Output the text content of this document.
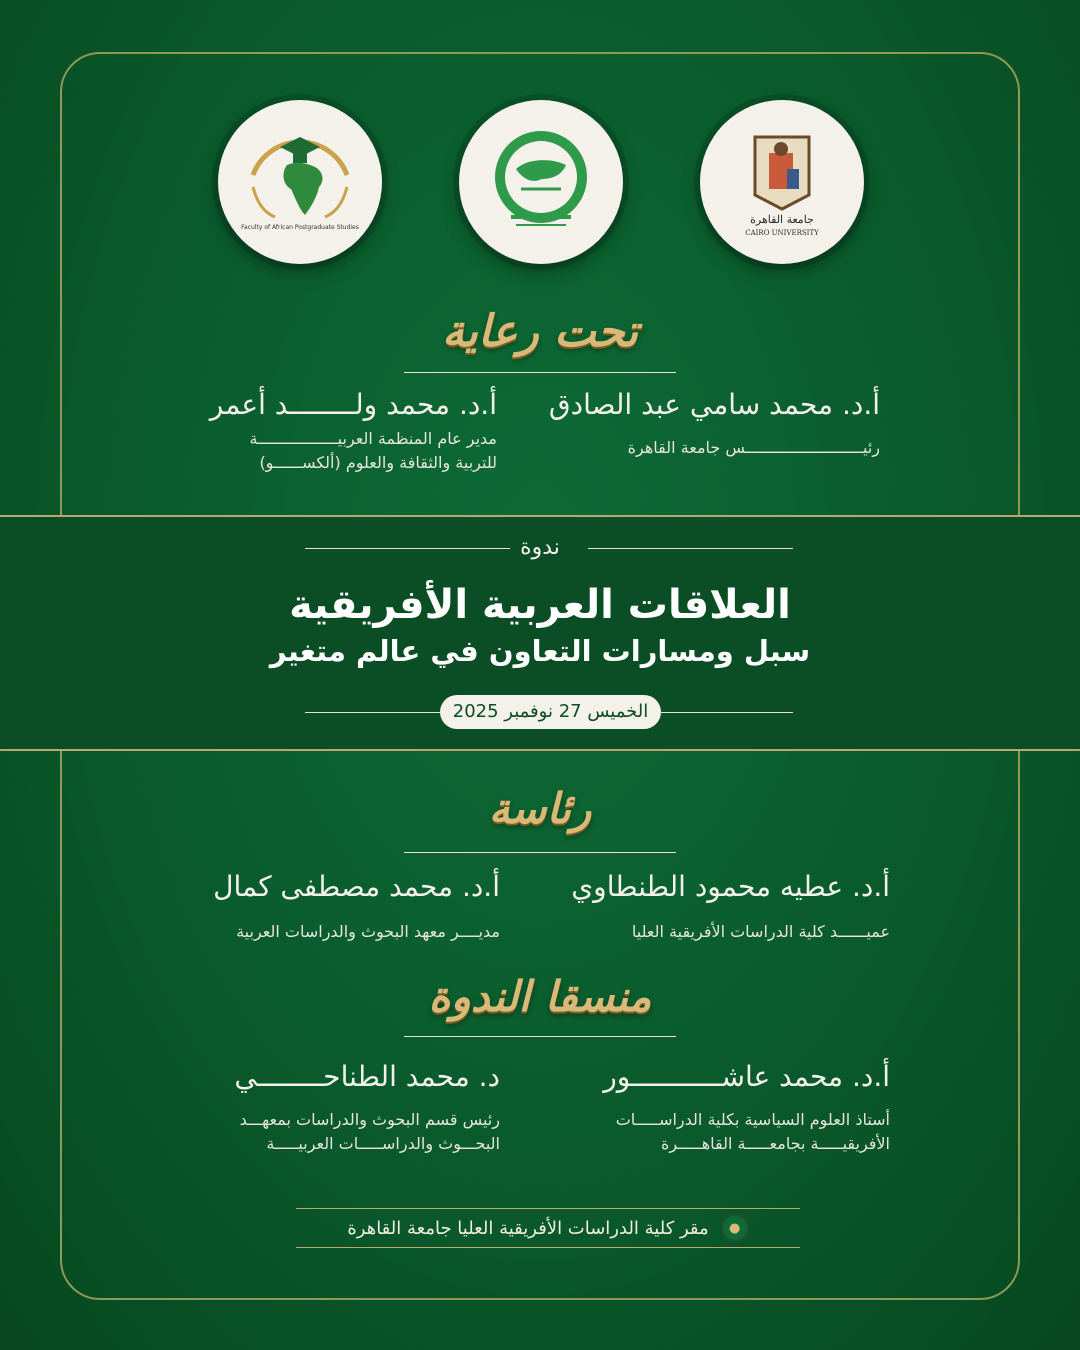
Faculty of African Postgraduate Studies
جامعة القاهرة
CAIRO UNIVERSITY
تحت رعاية
أ.د. محمد سامي عبد الصادق
رئيـــــــــــــــــــــــــس جامعة القاهرة
أ.د. محمد ولــــــــد أعمر
مدير عام المنظمة العربيـــــــــــــــــة
للتربية والثقافة والعلوم (ألكســــــو)
ندوة
العلاقات العربية الأفريقية
سبل ومسارات التعاون في عالم متغير
الخميس 27 نوفمبر 2025
رئاسة
أ.د. عطيه محمود الطنطاوي
عميــــــد كلية الدراسات الأفريقية العليا
أ.د. محمد مصطفى كمال
مديــــر معهد البحوث والدراسات العربية
منسقا الندوة
أ.د. محمد عاشـــــــــــور
أستاذ العلوم السياسية بكلية الدراســـــات
الأفريقيـــــة بجامعـــــة القاهـــــرة
د. محمد الطناحــــــــي
رئيس قسم البحوث والدراسات بمعهـــد
البحـــوث والدراســـــات العربيـــــة
●
مقر كلية الدراسات الأفريقية العليا جامعة القاهرة
